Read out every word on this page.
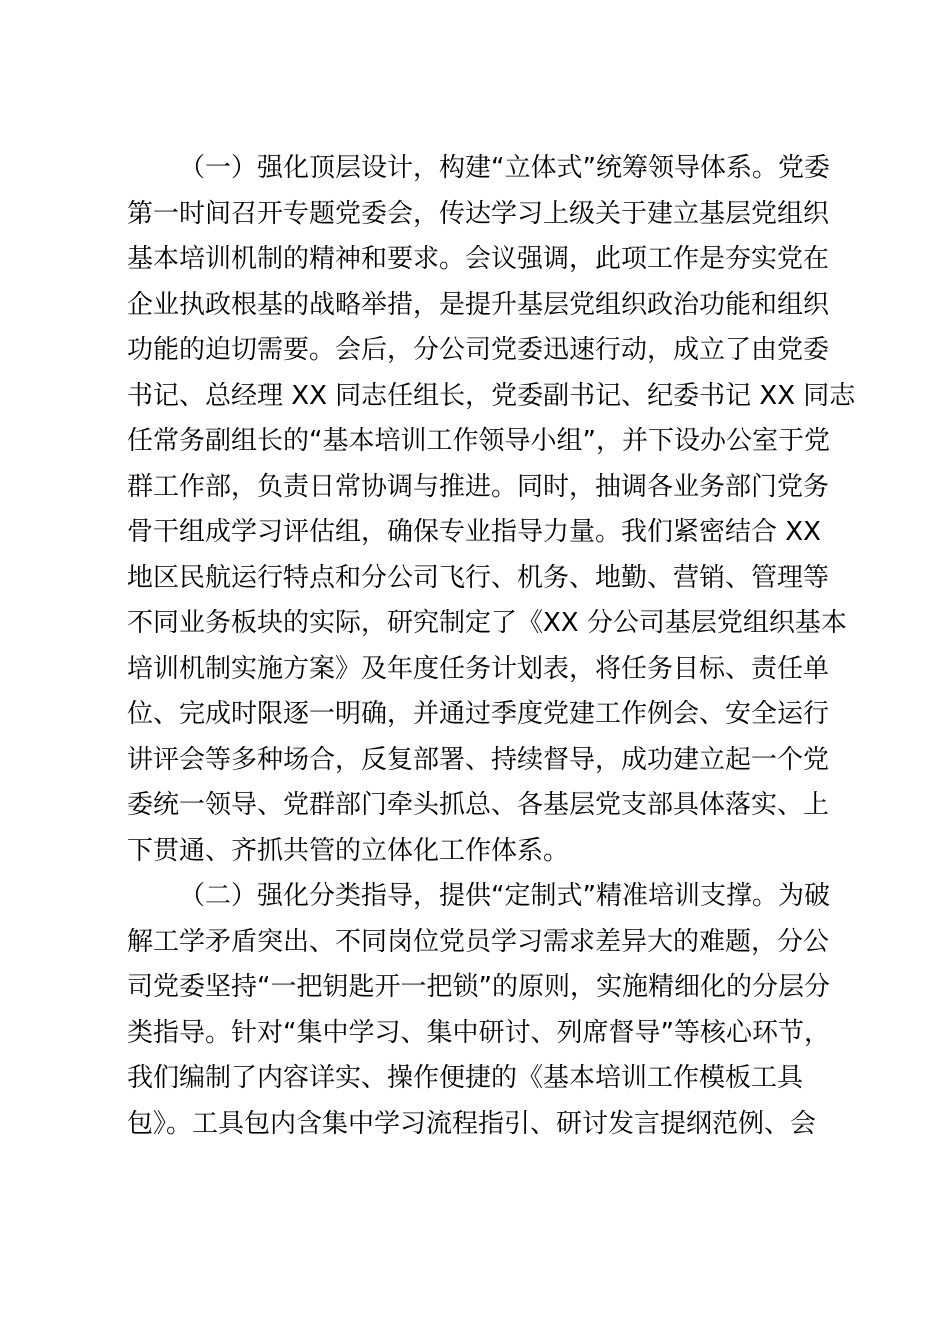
（一）强化顶层设计，构建“立体式”统筹领导体系。党委
第一时间召开专题党委会，传达学习上级关于建立基层党组织
基本培训机制的精神和要求。会议强调，此项工作是夯实党在
企业执政根基的战略举措，是提升基层党组织政治功能和组织
功能的迫切需要。会后，分公司党委迅速行动，成立了由党委
书记、总经理 XX 同志任组长，党委副书记、纪委书记 XX 同志
任常务副组长的“基本培训工作领导小组”，并下设办公室于党
群工作部，负责日常协调与推进。同时，抽调各业务部门党务
骨干组成学习评估组，确保专业指导力量。我们紧密结合 XX
地区民航运行特点和分公司飞行、机务、地勤、营销、管理等
不同业务板块的实际，研究制定了《XX 分公司基层党组织基本
培训机制实施方案》及年度任务计划表，将任务目标、责任单
位、完成时限逐一明确，并通过季度党建工作例会、安全运行
讲评会等多种场合，反复部署、持续督导，成功建立起一个党
委统一领导、党群部门牵头抓总、各基层党支部具体落实、上
下贯通、齐抓共管的立体化工作体系。
（二）强化分类指导，提供“定制式”精准培训支撑。为破
解工学矛盾突出、不同岗位党员学习需求差异大的难题，分公
司党委坚持“一把钥匙开一把锁”的原则，实施精细化的分层分
类指导。针对“集中学习、集中研讨、列席督导”等核心环节，
我们编制了内容详实、操作便捷的《基本培训工作模板工具
包》。工具包内含集中学习流程指引、研讨发言提纲范例、会
